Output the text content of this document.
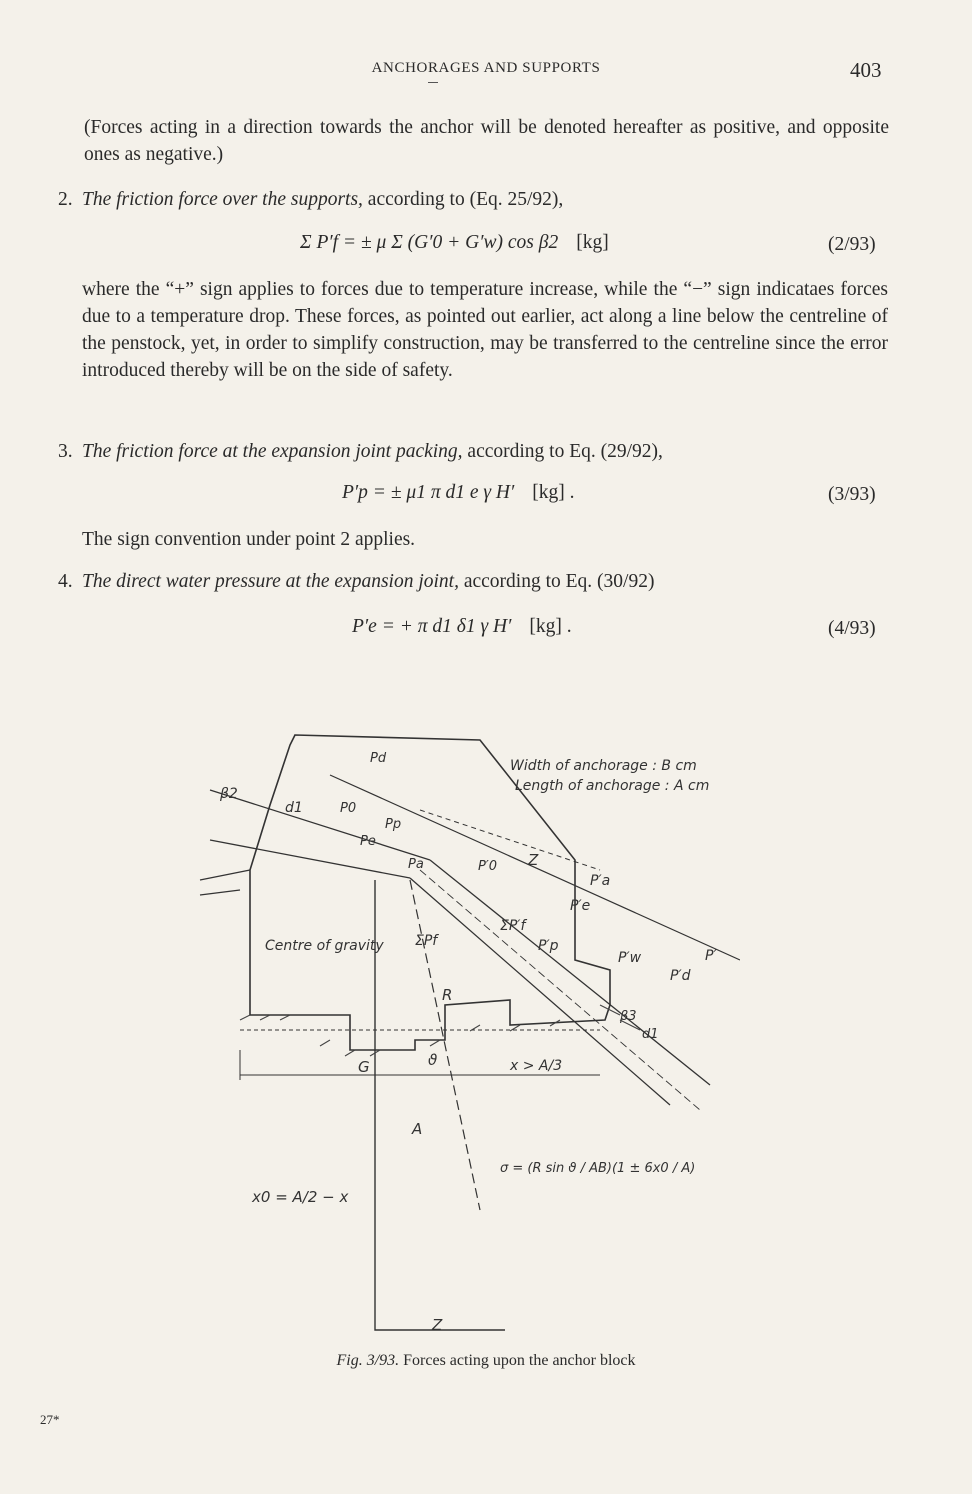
ANCHORAGES AND SUPPORTS	403
(Forces acting in a direction towards the anchor will be denoted hereafter as positive, and opposite ones as negative.)
2. The friction force over the supports, according to (Eq. 25/92),
Σ P′f = ± μ Σ (G′0 + G′w) cos β2 [kg]	(2/93)
where the “+” sign applies to forces due to temperature increase, while the “−” sign indicataes forces due to a temperature drop. These forces, as pointed out earlier, act along a line below the centreline of the penstock, yet, in order to simplify construction, may be transferred to the centreline since the error introduced thereby will be on the side of safety.
3. The friction force at the expansion joint packing, according to Eq. (29/92),
P′p = ± μ1 π d1 e γ H′ [kg] .	(3/93)
The sign convention under point 2 applies.
4. The direct water pressure at the expansion joint, according to Eq. (30/92)
P′e = + π d1 δ1 γ H′ [kg] .	(4/93)
Width of anchorage : B cm
Length of anchorage : A cm
Centre of gravity
β2
β3
d1
d1
ΣP′f
ΣPf	P′p
P′w
P′e
P′a
P′d
P′
Z
Z
G
R
ϑ	x > A/3
A
x0 = A/2 − x
σ = (R sin ϑ / AB)(1 ± 6x0 / A)
Pd
P0
Pe
Pp
Pa	P′0
Fig. 3/93. Forces acting upon the anchor block
27*
